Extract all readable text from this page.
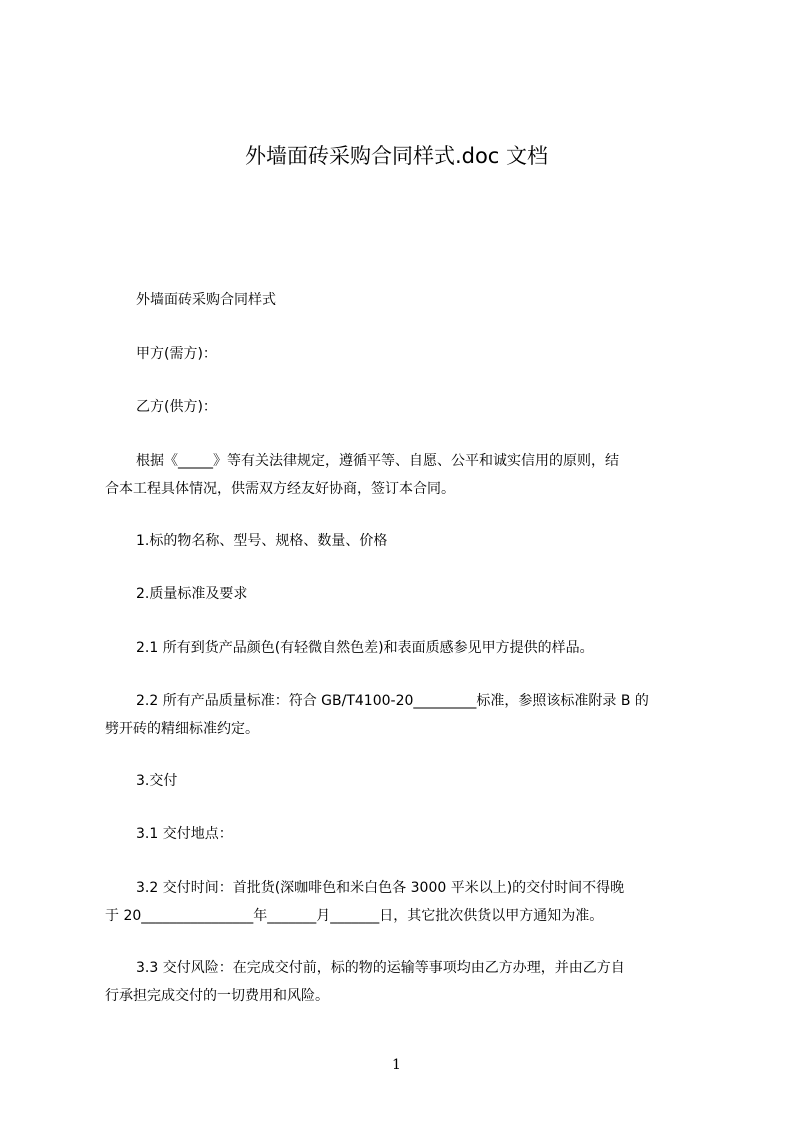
外墙面砖采购合同样式.doc 文档
外墙面砖采购合同样式
甲方(需方)：
乙方(供方)：
根据《_____》等有关法律规定，遵循平等、自愿、公平和诚实信用的原则，结
合本工程具体情况，供需双方经友好协商，签订本合同。
1.标的物名称、型号、规格、数量、价格
2.质量标准及要求
2.1 所有到货产品颜色(有轻微自然色差)和表面质感参见甲方提供的样品。
2.2 所有产品质量标准：符合 GB/T4100-20_________标准，参照该标准附录 B 的
劈开砖的精细标准约定。
3.交付
3.1 交付地点：
3.2 交付时间：首批货(深咖啡色和米白色各 3000 平米以上)的交付时间不得晚
于 20________________年_______月_______日，其它批次供货以甲方通知为准。
3.3 交付风险：在完成交付前，标的物的运输等事项均由乙方办理，并由乙方自
行承担完成交付的一切费用和风险。
1
